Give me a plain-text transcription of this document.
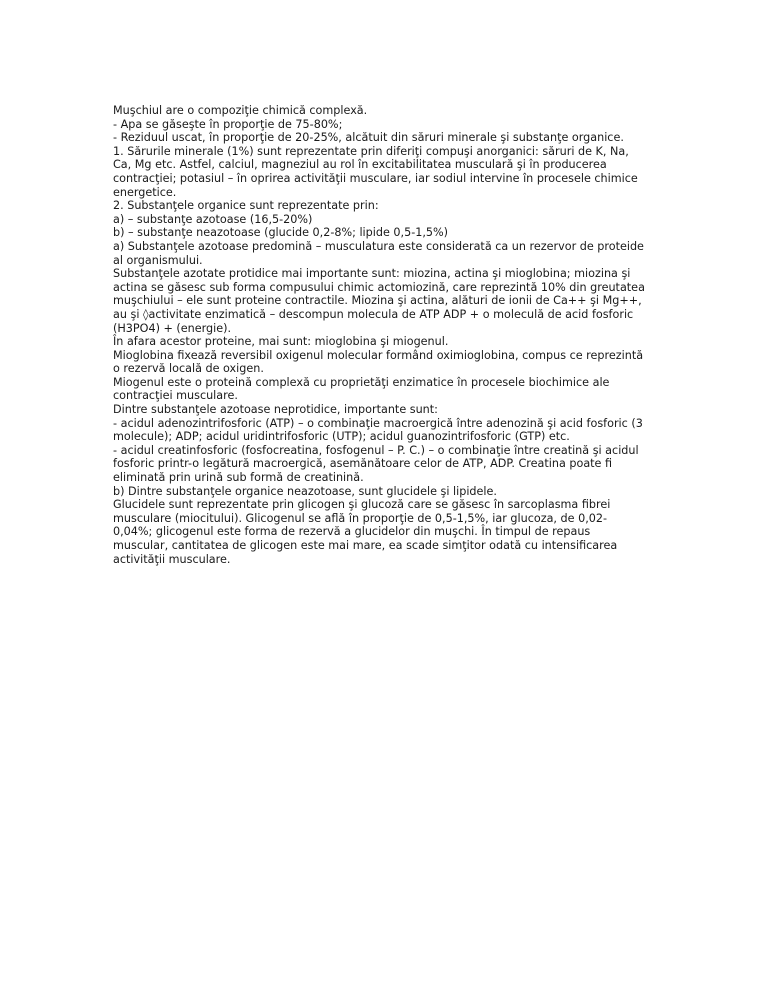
Muşchiul are o compoziţie chimică complexă.
- Apa se găseşte în proporţie de 75-80%;
- Reziduul uscat, în proporţie de 20-25%, alcătuit din săruri minerale şi substanţe organice.
1. Sărurile minerale (1%) sunt reprezentate prin diferiţi compuşi anorganici: săruri de K, Na,
Ca, Mg etc. Astfel, calciul, magneziul au rol în excitabilitatea musculară şi în producerea
contracţiei; potasiul – în oprirea activităţii musculare, iar sodiul intervine în procesele chimice
energetice.
2. Substanţele organice sunt reprezentate prin:
a) – substanţe azotoase (16,5-20%)
b) – substanţe neazotoase (glucide 0,2-8%; lipide 0,5-1,5%)
a) Substanţele azotoase predomină – musculatura este considerată ca un rezervor de proteide
al organismului.
Substanţele azotate protidice mai importante sunt: miozina, actina şi mioglobina; miozina şi
actina se găsesc sub forma compusului chimic actomiozină, care reprezintă 10% din greutatea
muşchiului – ele sunt proteine contractile. Miozina şi actina, alături de ionii de Ca++ şi Mg++,
au şi ◊activitate enzimatică – descompun molecula de ATP ADP + o moleculă de acid fosforic
(H3PO4) + (energie).
În afara acestor proteine, mai sunt: mioglobina şi miogenul.
Mioglobina fixează reversibil oxigenul molecular formând oximioglobina, compus ce reprezintă
o rezervă locală de oxigen.
Miogenul este o proteină complexă cu proprietăţi enzimatice în procesele biochimice ale
contracţiei musculare.
Dintre substanţele azotoase neprotidice, importante sunt:
- acidul adenozintrifosforic (ATP) – o combinaţie macroergică între adenozină şi acid fosforic (3
molecule); ADP; acidul uridintrifosforic (UTP); acidul guanozintrifosforic (GTP) etc.
- acidul creatinfosforic (fosfocreatina, fosfogenul – P. C.) – o combinaţie între creatină şi acidul
fosforic printr-o legătură macroergică, asemănătoare celor de ATP, ADP. Creatina poate fi
eliminată prin urină sub formă de creatinină.
b) Dintre substanţele organice neazotoase, sunt glucidele şi lipidele.
Glucidele sunt reprezentate prin glicogen şi glucoză care se găsesc în sarcoplasma fibrei
musculare (miocitului). Glicogenul se află în proporţie de 0,5-1,5%, iar glucoza, de 0,02-
0,04%; glicogenul este forma de rezervă a glucidelor din muşchi. În timpul de repaus
muscular, cantitatea de glicogen este mai mare, ea scade simţitor odată cu intensificarea
activităţii musculare.
